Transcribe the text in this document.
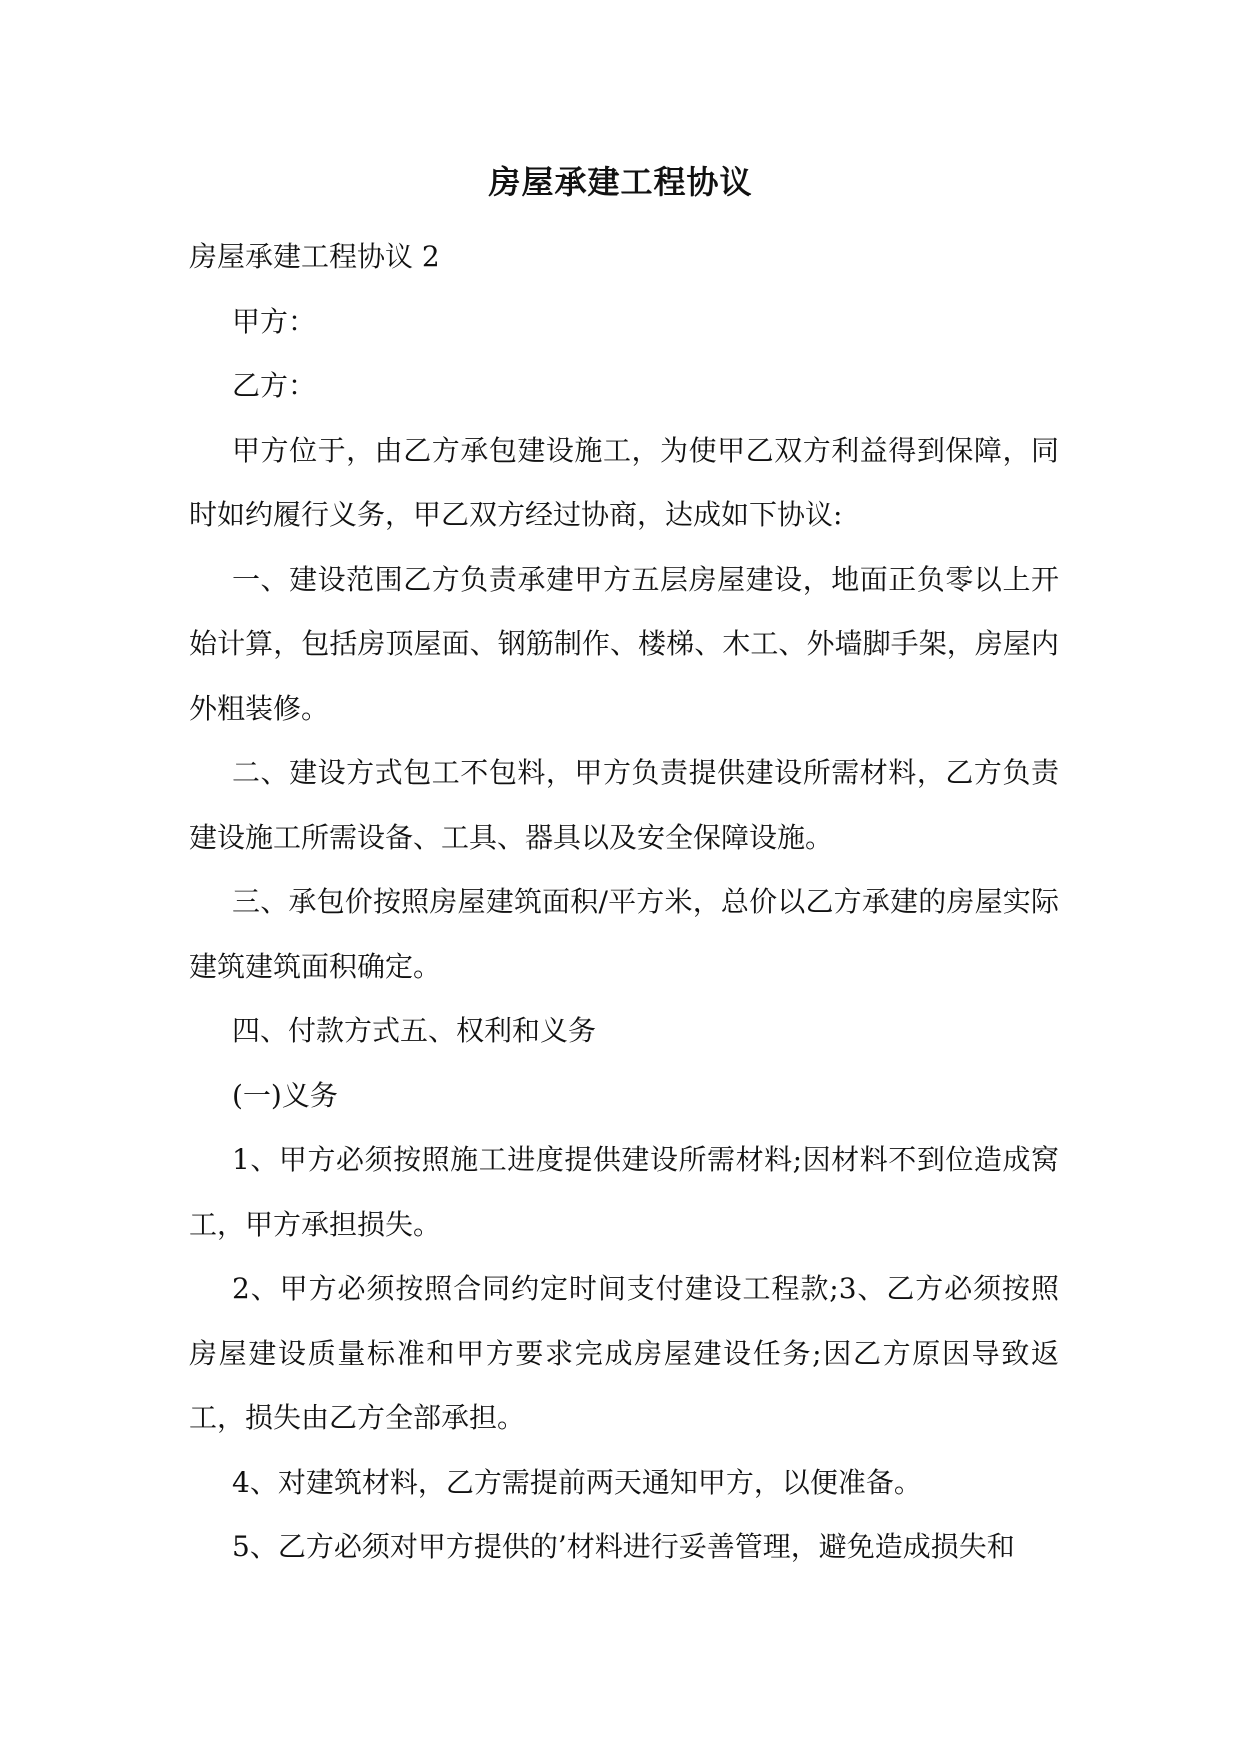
房屋承建工程协议

房屋承建工程协议 2

甲方：

乙方：

甲方位于，由乙方承包建设施工，为使甲乙双方利益得到保障，同时如约履行义务，甲乙双方经过协商，达成如下协议:

一、建设范围乙方负责承建甲方五层房屋建设，地面正负零以上开始计算，包括房顶屋面、钢筋制作、楼梯、木工、外墙脚手架，房屋内外粗装修。

二、建设方式包工不包料，甲方负责提供建设所需材料，乙方负责建设施工所需设备、工具、器具以及安全保障设施。

三、承包价按照房屋建筑面积/平方米，总价以乙方承建的房屋实际建筑建筑面积确定。

四、付款方式五、权利和义务

(一)义务

1、甲方必须按照施工进度提供建设所需材料;因材料不到位造成窝工，甲方承担损失。

2、甲方必须按照合同约定时间支付建设工程款;3、乙方必须按照房屋建设质量标准和甲方要求完成房屋建设任务;因乙方原因导致返工，损失由乙方全部承担。

4、对建筑材料，乙方需提前两天通知甲方，以便准备。

5、乙方必须对甲方提供的’材料进行妥善管理，避免造成损失和
